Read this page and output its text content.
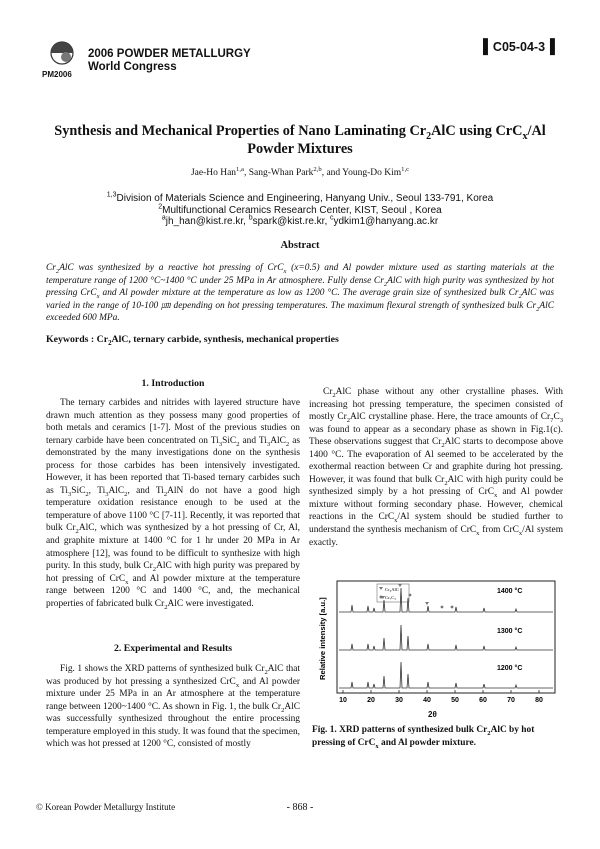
PM2006
2006 POWDER METALLURGY
World Congress
▌C05-04-3▐
Synthesis and Mechanical Properties of Nano Laminating $Cr_2AlC$ using CrC$_x$/Al
Powder Mixtures
Jae-Ho Han$^{1,a}$, Sang-Whan Park$^{2,b}$, and Young-Do Kim$^{1,c}$
$^{1,3}$Division of Materials Science and Engineering, Hanyang Univ., Seoul 133-791, Korea
$^2$Multifunctional Ceramics Research Center, KIST, Seoul , Korea
$^a$jh_han@kist.re.kr, $^b$spark@kist.re.kr, $^c$ydkim1@hanyang.ac.kr
Abstract
$Cr_2AlC$ was synthesized by a reactive hot pressing of CrC$_x$ (x=0.5) and Al powder mixture used as starting materials at the temperature range of 1200 °C~1400 °C under 25 MPa in Ar atmosphere. Fully dense $Cr_2AlC$ with high purity was synthesized by hot pressing CrC$_x$ and Al powder mixture at the temperature as low as 1200 °C. The average grain size of synthesized bulk $Cr_2AlC$ was varied in the range of 10-100 ㎛ depending on hot pressing temperatures. The maximum flexural strength of synthesized bulk $Cr_2AlC$ exceeded 600 MPa.
Keywords : $Cr_2AlC$, ternary carbide, synthesis, mechanical properties
1. Introduction

The ternary carbides and nitrides with layered structure have drawn much attention as they possess many good properties of both metals and ceramics [1-7]. Most of the previous studies on ternary carbide have been concentrated on $Ti_3SiC_2$ and $Ti_3AlC_2$ as demonstrated by the many investigations done on the synthesis process for those carbides has been intensively investigated. However, it has been reported that Ti-based ternary carbides such as $Ti_3SiC_2$, $Ti_3AlC_2$, and $Ti_2AlN$ do not have a good high temperature oxidation resistance enough to be used at the temperature of above 1100 °C [7-11]. Recently, it was reported that bulk $Cr_2AlC$, which was synthesized by a hot pressing of Cr, Al, and graphite mixture at 1400 °C for 1 hr under 20 MPa in Ar atmosphere [12], was found to be difficult to synthesize with high purity. In this study, bulk $Cr_2AlC$ with high purity was prepared by hot pressing of CrC$_x$ and Al powder mixture at the temperature range between 1200 °C and 1400 °C, and, the mechanical properties of fabricated bulk $Cr_2AlC$ were investigated.

2. Experimental and Results

Fig. 1 shows the XRD patterns of synthesized bulk $Cr_2AlC$ that was produced by hot pressing a synthesized CrC$_x$ and Al powder mixture under 25 MPa in an Ar atmosphere at the temperature range between 1200~1400 °C. As shown in Fig. 1, the bulk $Cr_2AlC$ was successfully synthesized throughout the entire processing temperature employed in this study. It was found that the specimen, which was hot pressed at 1200 °C, consisted of mostly

$Cr_2AlC$ phase without any other crystalline phases. With increasing hot pressing temperature, the specimen consisted of mostly $Cr_2AlC$ crystalline phase. Here, the trace amounts of $Cr_7C_3$ was found to appear as a secondary phase as shown in Fig.1(c). These observations suggest that $Cr_2AlC$ starts to decompose above 1400 °C. The evaporation of Al seemed to be accelerated by the exothermal reaction between Cr and graphite during hot pressing. However, it was found that bulk $Cr_2AlC$ with high purity could be synthesized simply by a hot pressing of CrC$_x$ and Al powder mixture without forming secondary phase. However, chemical reactions in the CrC$_x$/Al system should be studied further to understand the synthesis mechanism of CrC$_x$ from CrC$_x$/Al system exactly.

Relative intensity [a.u.]
Cr₂AlC
Cr₇C₃
1400 °C
1300 °C
1200 °C
10	20	30	40	50	60	70	80
2θ
Fig. 1. XRD patterns of synthesized bulk $Cr_2AlC$ by hot pressing of CrC$_x$ and Al powder mixture.
© Korean Powder Metallurgy Institute	- 868 -
